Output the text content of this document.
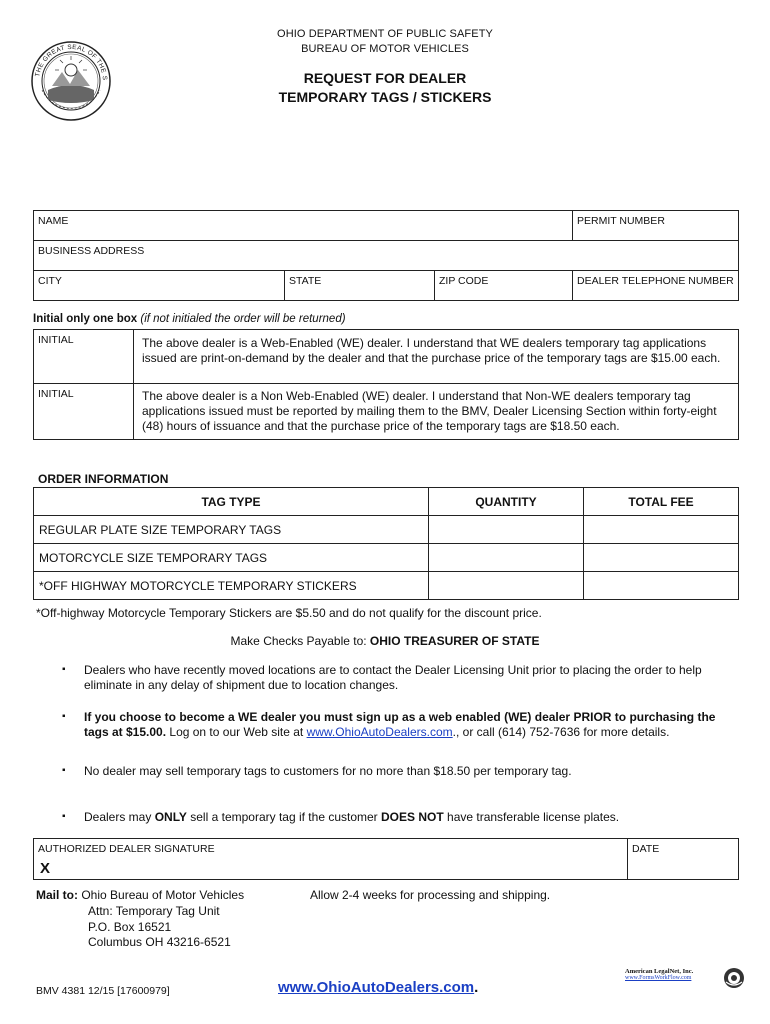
THE GREAT SEAL OF THE S
OHIO DEPARTMENT OF PUBLIC SAFETY
BUREAU OF MOTOR VEHICLES
REQUEST FOR DEALER
TEMPORARY TAGS / STICKERS
NAME	PERMIT NUMBER
BUSINESS ADDRESS
CITY	STATE	ZIP CODE	DEALER TELEPHONE NUMBER
Initial only one box (if not initialed the order will be returned)
INITIAL	The above dealer is a Web-Enabled (WE) dealer. I understand that WE dealers temporary tag applications issued are print-on-demand by the dealer and that the purchase price of the temporary tags are $15.00 each.
INITIAL	The above dealer is a Non Web-Enabled (WE) dealer. I understand that Non-WE dealers temporary tag applications issued must be reported by mailing them to the BMV, Dealer Licensing Section within forty-eight (48) hours of issuance and that the purchase price of the temporary tags are $18.50 each.
ORDER INFORMATION
TAG TYPE	QUANTITY	TOTAL FEE
REGULAR PLATE SIZE TEMPORARY TAGS
MOTORCYCLE SIZE TEMPORARY TAGS
*OFF HIGHWAY MOTORCYCLE TEMPORARY STICKERS
*Off-highway Motorcycle Temporary Stickers are $5.50 and do not qualify for the discount price.
Make Checks Payable to: OHIO TREASURER OF STATE
▪ Dealers who have recently moved locations are to contact the Dealer Licensing Unit prior to placing the order to help eliminate in any delay of shipment due to location changes.
▪ If you choose to become a WE dealer you must sign up as a web enabled (WE) dealer PRIOR to purchasing the tags at $15.00. Log on to our Web site at www.OhioAutoDealers.com., or call (614) 752-7636 for more details.
▪ No dealer may sell temporary tags to customers for no more than $18.50 per temporary tag.
▪ Dealers may ONLY sell a temporary tag if the customer DOES NOT have transferable license plates.
AUTHORIZED DEALER SIGNATURE
X
DATE
Mail to: Ohio Bureau of Motor Vehicles
Attn: Temporary Tag Unit
P.O. Box 16521
Columbus OH 43216-6521
Allow 2-4 weeks for processing and shipping.
BMV 4381 12/15 [17600979]	www.OhioAutoDealers.com.
American LegalNet, Inc.
www.FormsWorkFlow.com
